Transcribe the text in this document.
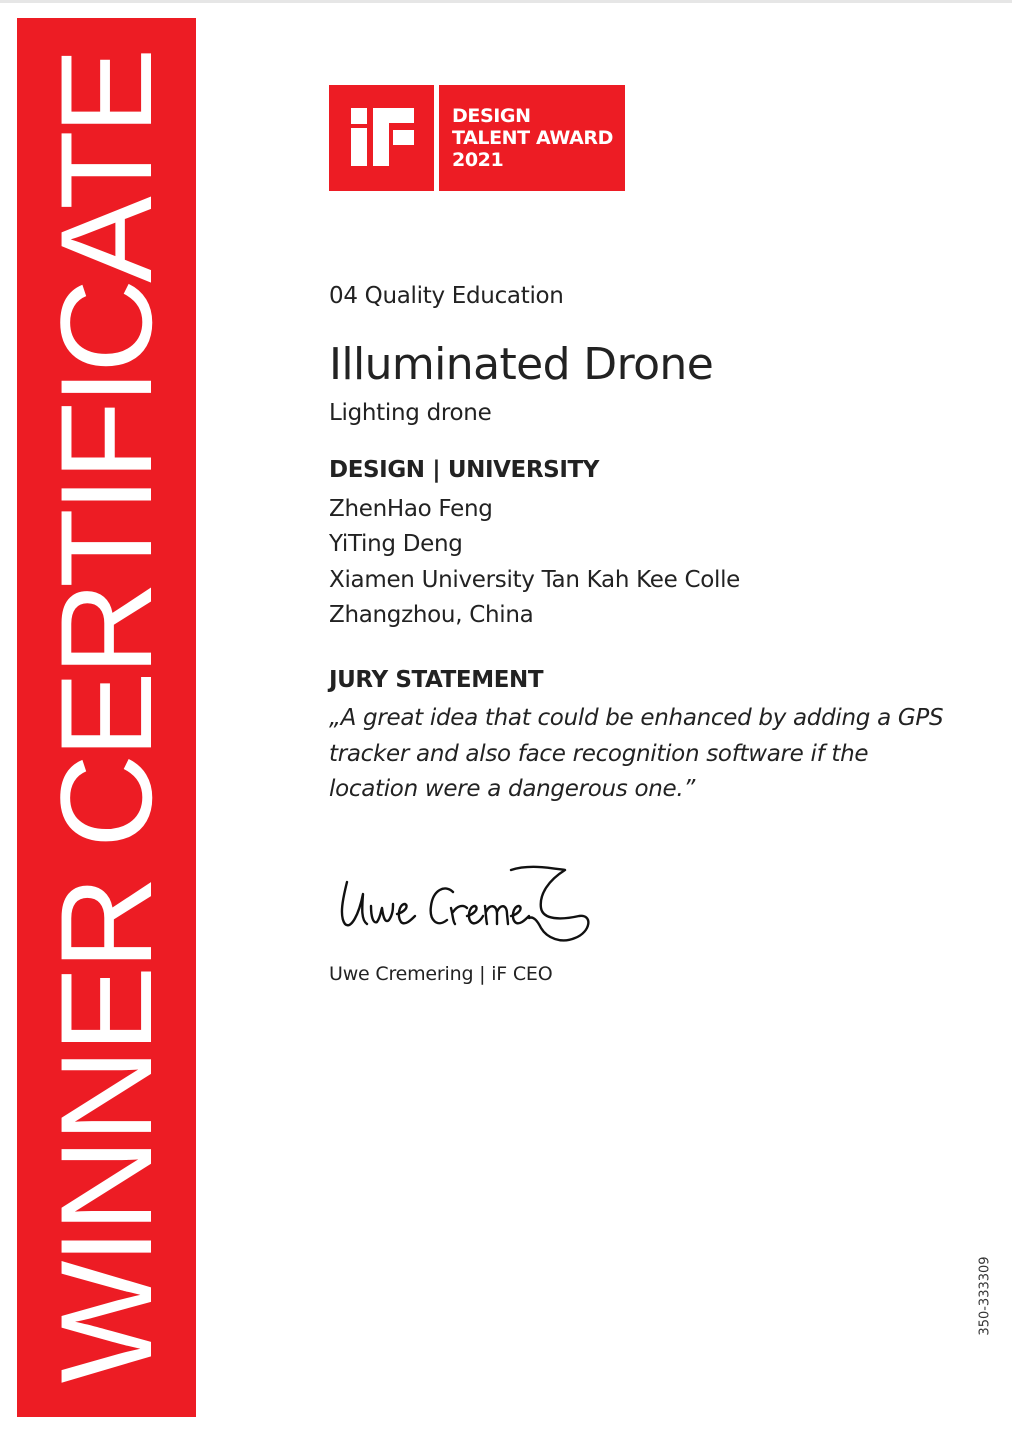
WINNER CERTIFICATE	DESIGN
TALENT AWARD
2021
04 Quality Education
Illuminated Drone
Lighting drone
DESIGN | UNIVERSITY
ZhenHao Feng
YiTing Deng
Xiamen University Tan Kah Kee Colle
Zhangzhou, China
JURY STATEMENT
„A great idea that could be enhanced by adding a GPS
tracker and also face recognition software if the
location were a dangerous one.”
Uwe Cremering | iF CEO
350-333309
